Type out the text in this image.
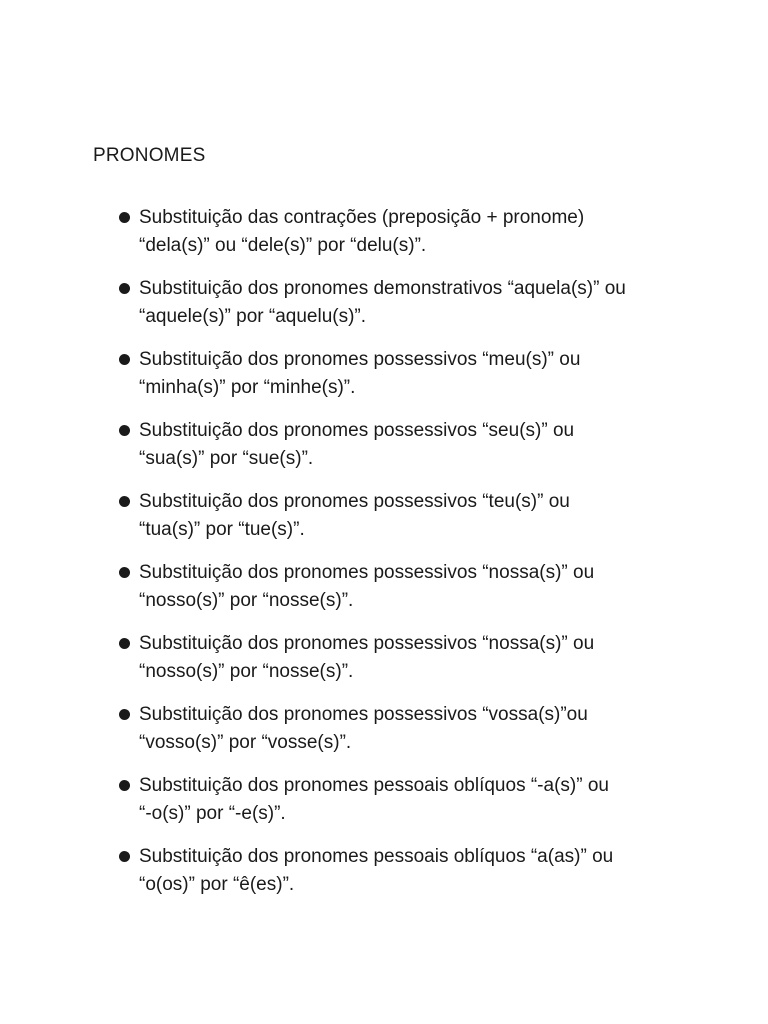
PRONOMES
Substituição das contrações (preposição + pronome)
“dela(s)” ou “dele(s)” por “delu(s)”.
Substituição dos pronomes demonstrativos “aquela(s)” ou
“aquele(s)” por “aquelu(s)”.
Substituição dos pronomes possessivos “meu(s)” ou
“minha(s)” por “minhe(s)”.
Substituição dos pronomes possessivos “seu(s)” ou
“sua(s)” por “sue(s)”.
Substituição dos pronomes possessivos “teu(s)” ou
“tua(s)” por “tue(s)”.
Substituição dos pronomes possessivos “nossa(s)” ou
“nosso(s)” por “nosse(s)”.
Substituição dos pronomes possessivos “nossa(s)” ou
“nosso(s)” por “nosse(s)”.
Substituição dos pronomes possessivos “vossa(s)”ou
“vosso(s)” por “vosse(s)”.
Substituição dos pronomes pessoais oblíquos “-a(s)” ou
“-o(s)” por “-e(s)”.
Substituição dos pronomes pessoais oblíquos “a(as)” ou
“o(os)” por “ê(es)”.
